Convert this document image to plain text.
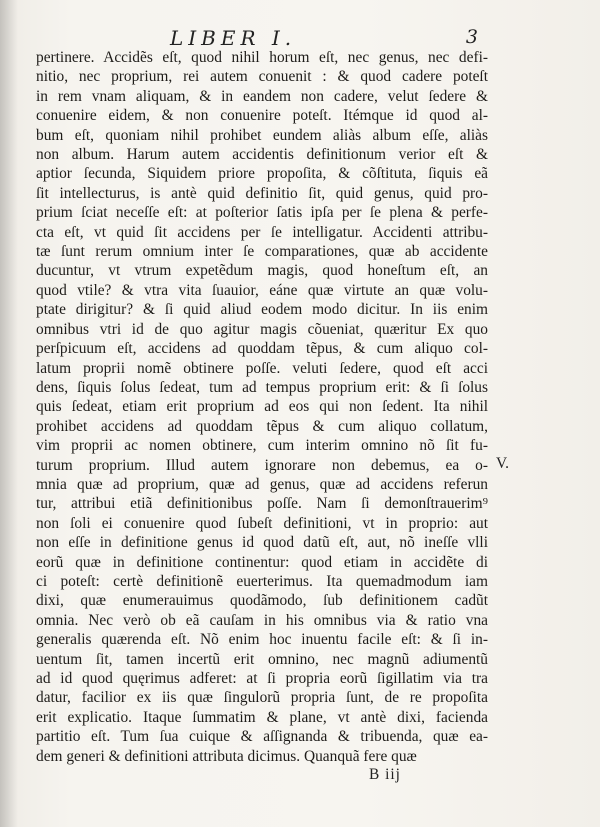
LIBER I.	3
pertinere. Accidẽs eſt, quod nihil horum eſt, nec genus, nec defi-
nitio, nec proprium, rei autem conuenit : & quod cadere poteſt
in rem vnam aliquam, & in eandem non cadere, velut ſedere &
conuenire eidem, & non conuenire poteſt. Itémque id quod al-
bum eſt, quoniam nihil prohibet eundem aliàs album eſſe, aliàs
non album. Harum autem accidentis definitionum verior eſt &
aptior ſecunda, Siquidem priore propoſita, & cõſtituta, ſiquis eã
ſit intellecturus, is antè quid definitio ſit, quid genus, quid pro-
prium ſciat neceſſe eſt: at poſterior ſatis ipſa per ſe plena & perfe-
cta eſt, vt quid ſit accidens per ſe intelligatur. Accidenti attribu-
tæ ſunt rerum omnium inter ſe comparationes, quæ ab accidente
ducuntur, vt vtrum expetẽdum magis, quod honeſtum eſt, an
quod vtile? & vtra vita ſuauior, eáne quæ virtute an quæ volu-
ptate dirigitur? & ſi quid aliud eodem modo dicitur. In iis enim
omnibus vtri id de quo agitur magis cõueniat, quæritur Ex quo
perſpicuum eſt, accidens ad quoddam tẽpus, & cum aliquo col-
latum proprii nomẽ obtinere poſſe. veluti ſedere, quod eſt acci
dens, ſiquis ſolus ſedeat, tum ad tempus proprium erit: & ſi ſolus
quis ſedeat, etiam erit proprium ad eos qui non ſedent. Ita nihil
prohibet accidens ad quoddam tẽpus & cum aliquo collatum,
vim proprii ac nomen obtinere, cum interim omnino nõ ſit fu-
turum proprium. Illud autem ignorare non debemus, ea o-
mnia quæ ad proprium, quæ ad genus, quæ ad accidens referun
tur, attribui etiã definitionibus poſſe. Nam ſi demonſtrauerim⁹
non ſoli ei conuenire quod ſubeſt definitioni, vt in proprio: aut
non eſſe in definitione genus id quod datũ eſt, aut, nõ ineſſe vlli
eorũ quæ in definitione continentur: quod etiam in accidẽte di
ci poteſt: certè definitionẽ euerterimus. Ita quemadmodum iam
dixi, quæ enumerauimus quodãmodo, ſub definitionem cadũt
omnia. Nec verò ob eã cauſam in his omnibus via & ratio vna
generalis quærenda eſt. Nõ enim hoc inuentu facile eſt: & ſi in-
uentum ſit, tamen incertũ erit omnino, nec magnũ adiumentũ
ad id quod quęrimus adferet: at ſi propria eorũ ſigillatim via tra
datur, facilior ex iis quæ ſingulorũ propria ſunt, de re propoſita
erit explicatio. Itaque ſummatim & plane, vt antè dixi, facienda
partitio eſt. Tum ſua cuique & aſſignanda & tribuenda, quæ ea-
dem generi & definitioni attributa dicimus. Quanquã fere quæ
V.
B iij
